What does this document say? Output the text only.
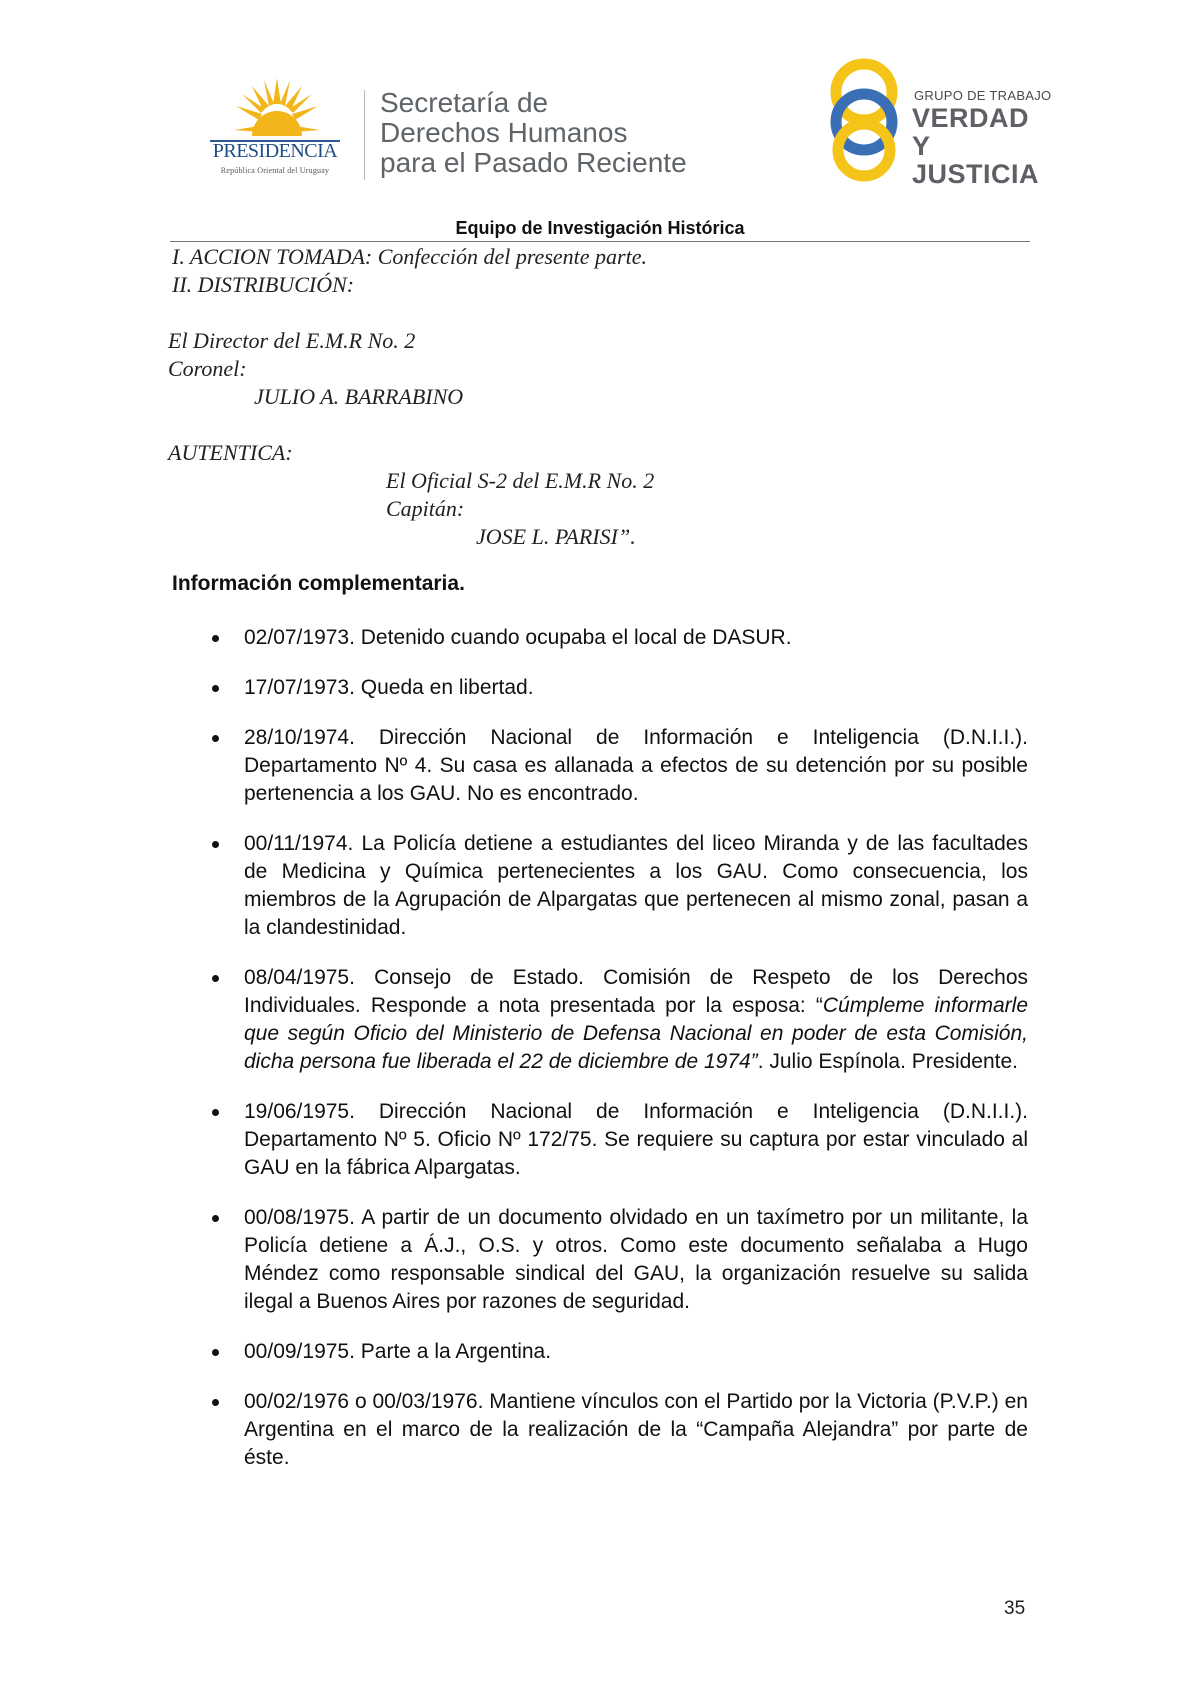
PRESIDENCIA
República Oriental del Uruguay
Secretaría de
Derechos Humanos
para el Pasado Reciente
GRUPO DE TRABAJO
VERDAD Y
JUSTICIA
Equipo de Investigación Histórica
I. ACCION TOMADA: Confección del presente parte.
II. DISTRIBUCIÓN:
El Director del E.M.R No. 2
Coronel:
JULIO A. BARRABINO
AUTENTICA:
El Oficial S-2 del E.M.R No. 2
Capitán:
JOSE L. PARISI”.
Información complementaria.
02/07/1973. Detenido cuando ocupaba el local de DASUR.
17/07/1973. Queda en libertad.
28/10/1974. Dirección Nacional de Información e Inteligencia (D.N.I.I.). Departamento Nº 4. Su casa es allanada a efectos de su detención por su posible pertenencia a los GAU. No es encontrado.
00/11/1974. La Policía detiene a estudiantes del liceo Miranda y de las facultades de Medicina y Química pertenecientes a los GAU. Como consecuencia, los miembros de la Agrupación de Alpargatas que pertenecen al mismo zonal, pasan a la clandestinidad.
08/04/1975. Consejo de Estado. Comisión de Respeto de los Derechos Individuales. Responde a nota presentada por la esposa: “Cúmpleme informarle que según Oficio del Ministerio de Defensa Nacional en poder de esta Comisión, dicha persona fue liberada el 22 de diciembre de 1974”. Julio Espínola. Presidente.
19/06/1975. Dirección Nacional de Información e Inteligencia (D.N.I.I.). Departamento Nº 5. Oficio Nº 172/75. Se requiere su captura por estar vinculado al GAU en la fábrica Alpargatas.
00/08/1975. A partir de un documento olvidado en un taxímetro por un militante, la Policía detiene a Á.J., O.S. y otros. Como este documento señalaba a Hugo Méndez como responsable sindical del GAU, la organización resuelve su salida ilegal a Buenos Aires por razones de seguridad.
00/09/1975. Parte a la Argentina.
00/02/1976 o 00/03/1976. Mantiene vínculos con el Partido por la Victoria (P.V.P.) en Argentina en el marco de la realización de la “Campaña Alejandra” por parte de éste.
35
